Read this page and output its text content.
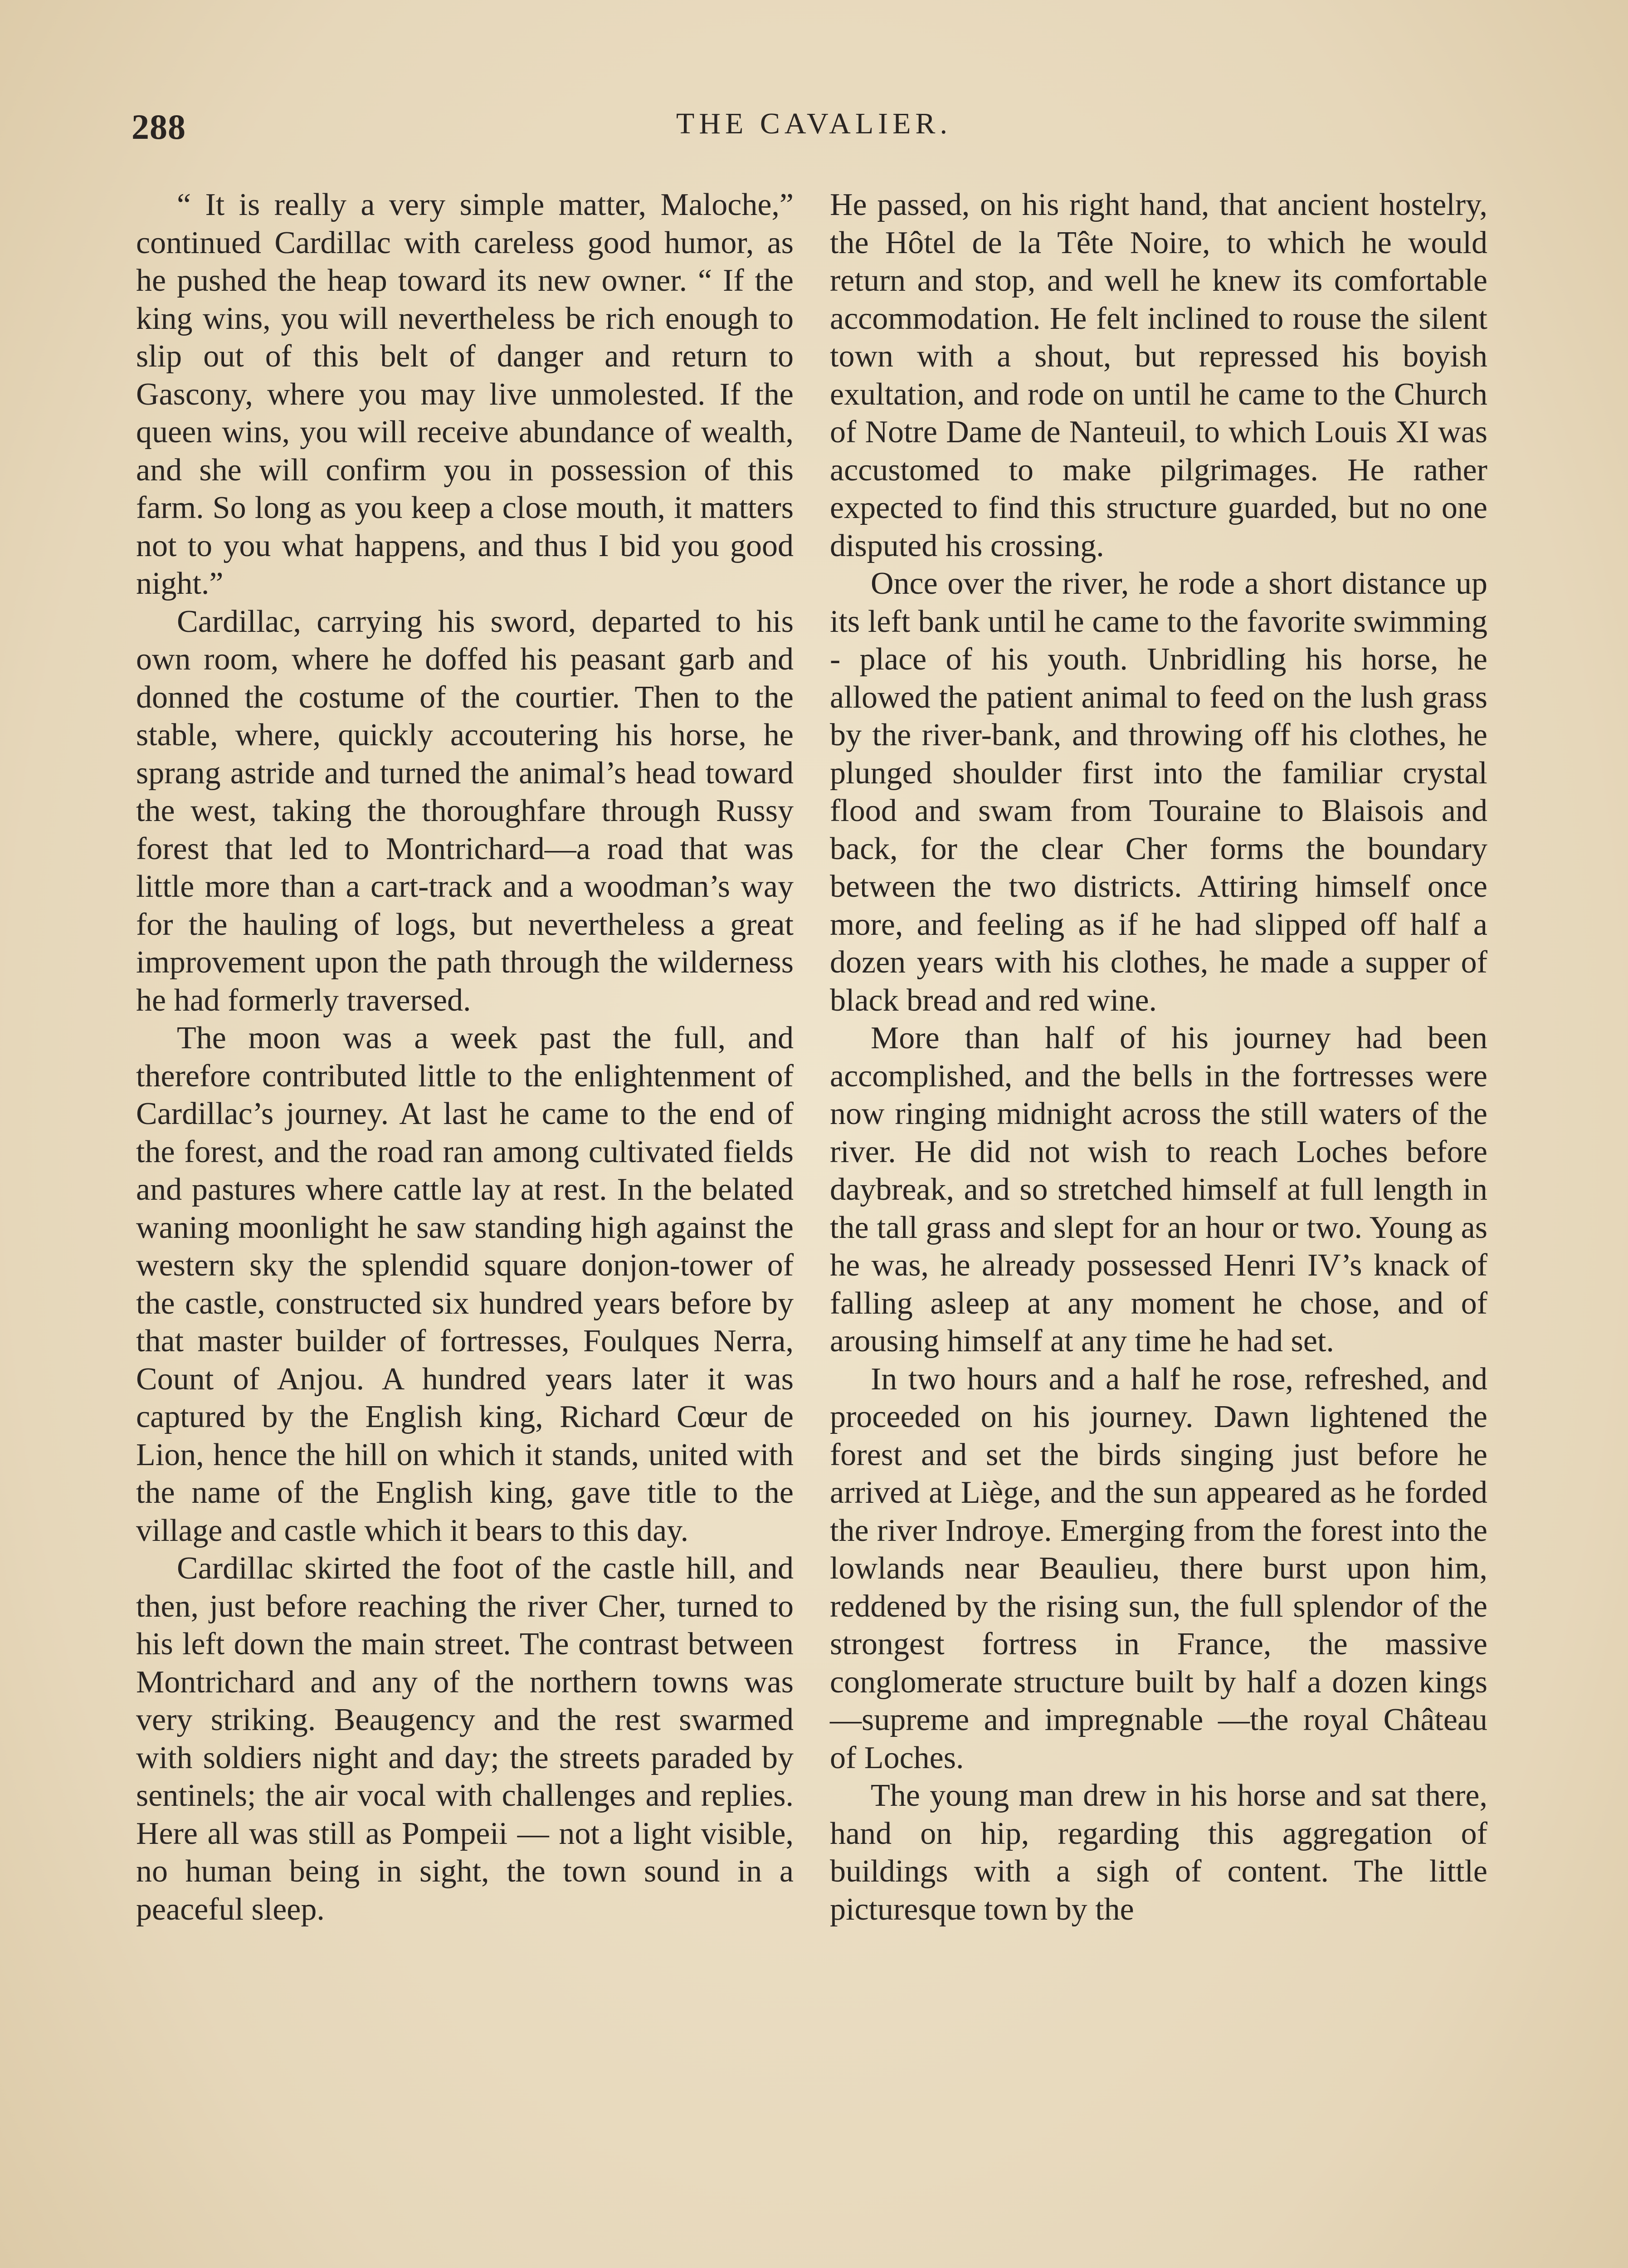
288	THE CAVALIER.

“ It is really a very simple matter, Maloche,” continued Cardillac with careless good humor, as he pushed the heap toward its new owner. “ If the king wins, you will nevertheless be rich enough to slip out of this belt of danger and return to Gascony, where you may live unmolested. If the queen wins, you will receive abundance of wealth, and she will confirm you in possession of this farm. So long as you keep a close mouth, it matters not to you what happens, and thus I bid you good night.”

Cardillac, carrying his sword, departed to his own room, where he doffed his peasant garb and donned the costume of the courtier. Then to the stable, where, quickly accoutering his horse, he sprang astride and turned the animal’s head toward the west, taking the thoroughfare through Russy forest that led to Montrichard—a road that was little more than a cart-track and a woodman’s way for the hauling of logs, but nevertheless a great improvement upon the path through the wilderness he had formerly traversed.

The moon was a week past the full, and therefore contributed little to the enlightenment of Cardillac’s journey. At last he came to the end of the forest, and the road ran among cultivated fields and pastures where cattle lay at rest. In the belated waning moonlight he saw standing high against the western sky the splendid square donjon-tower of the castle, constructed six hundred years before by that master builder of fortresses, Foulques Nerra, Count of Anjou. A hundred years later it was captured by the English king, Richard Cœur de Lion, hence the hill on which it stands, united with the name of the English king, gave title to the village and castle which it bears to this day.

Cardillac skirted the foot of the castle hill, and then, just before reaching the river Cher, turned to his left down the main street. The contrast between Montrichard and any of the northern towns was very striking. Beaugency and the rest swarmed with soldiers night and day; the streets paraded by sentinels; the air vocal with challenges and replies. Here all was still as Pompeii — not a light visible, no human being in sight, the town sound in a peaceful sleep.

He passed, on his right hand, that ancient hostelry, the Hôtel de la Tête Noire, to which he would return and stop, and well he knew its comfortable accommodation. He felt inclined to rouse the silent town with a shout, but repressed his boyish exultation, and rode on until he came to the Church of Notre Dame de Nanteuil, to which Louis XI was accustomed to make pilgrimages. He rather expected to find this structure guarded, but no one disputed his crossing.

Once over the river, he rode a short distance up its left bank until he came to the favorite swimming - place of his youth. Unbridling his horse, he allowed the patient animal to feed on the lush grass by the river-bank, and throwing off his clothes, he plunged shoulder first into the familiar crystal flood and swam from Touraine to Blaisois and back, for the clear Cher forms the boundary between the two districts. Attiring himself once more, and feeling as if he had slipped off half a dozen years with his clothes, he made a supper of black bread and red wine.

More than half of his journey had been accomplished, and the bells in the fortresses were now ringing midnight across the still waters of the river. He did not wish to reach Loches before daybreak, and so stretched himself at full length in the tall grass and slept for an hour or two. Young as he was, he already possessed Henri IV’s knack of falling asleep at any moment he chose, and of arousing himself at any time he had set.

In two hours and a half he rose, refreshed, and proceeded on his journey. Dawn lightened the forest and set the birds singing just before he arrived at Liège, and the sun appeared as he forded the river Indroye. Emerging from the forest into the lowlands near Beaulieu, there burst upon him, reddened by the rising sun, the full splendor of the strongest fortress in France, the massive conglomerate structure built by half a dozen kings—supreme and impregnable —the royal Château of Loches.

The young man drew in his horse and sat there, hand on hip, regarding this aggregation of buildings with a sigh of content. The little picturesque town by the
